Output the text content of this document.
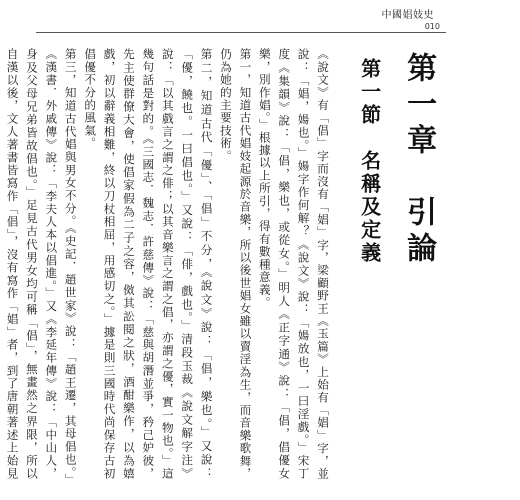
中國娼妓史
010
第一章　引論
第一節　名稱及定義

《說文》有「倡」字而沒有「娼」字，梁顧野王《玉篇》上始有「娼」字，並說：「娼，婸也。」婸字作何解？《說文》說：「婸放也，一曰淫戲。」宋丁度《集韻》說：「倡，樂也，或從女。」明人《正字通》說：「倡，倡優女樂，別作娼。」根據以上所引，得有數種意義。

第一，知道古代娼妓起源於音樂，所以後世娼女雖以賣淫為生，而音樂歌舞，仍為她的主要技術。

第二，知道古代「優」、「倡」不分，《說文》說：「倡，樂也。」又說：「優，饒也。一曰倡也。」又說：「俳，戲也。」清段玉裁《說文解字注》說：「以其戲言之謂之俳；以其音樂言之謂之倡，亦謂之優，實一物也。」這幾句話是對的。《三國志．魏志．許慈傳》說：「慈與胡潛並爭，矜己妒彼，先主使群僚大會，使倡家假為二子之容，傚其訟閱之狀，酒酣樂作，以為嬉戲，初以辭義相難，終以刀杖相屈，用感切之。」據是則三國時代尚保存古初倡優不分的風氣。

第三，知道古代娼與男女不分。《史記．趙世家》說：「趙王遷，其母倡也。」《漢書．外戚傳》說：「李夫人本以倡進。」又《李延年傳》說：「中山人，身及父母兄弟皆故倡也。」足見古代男女均可稱「倡」，無畫然之界限，所以自漢以後，文人著書皆寫作「倡」，沒有寫作「娼」者，到了唐朝著述上始見
